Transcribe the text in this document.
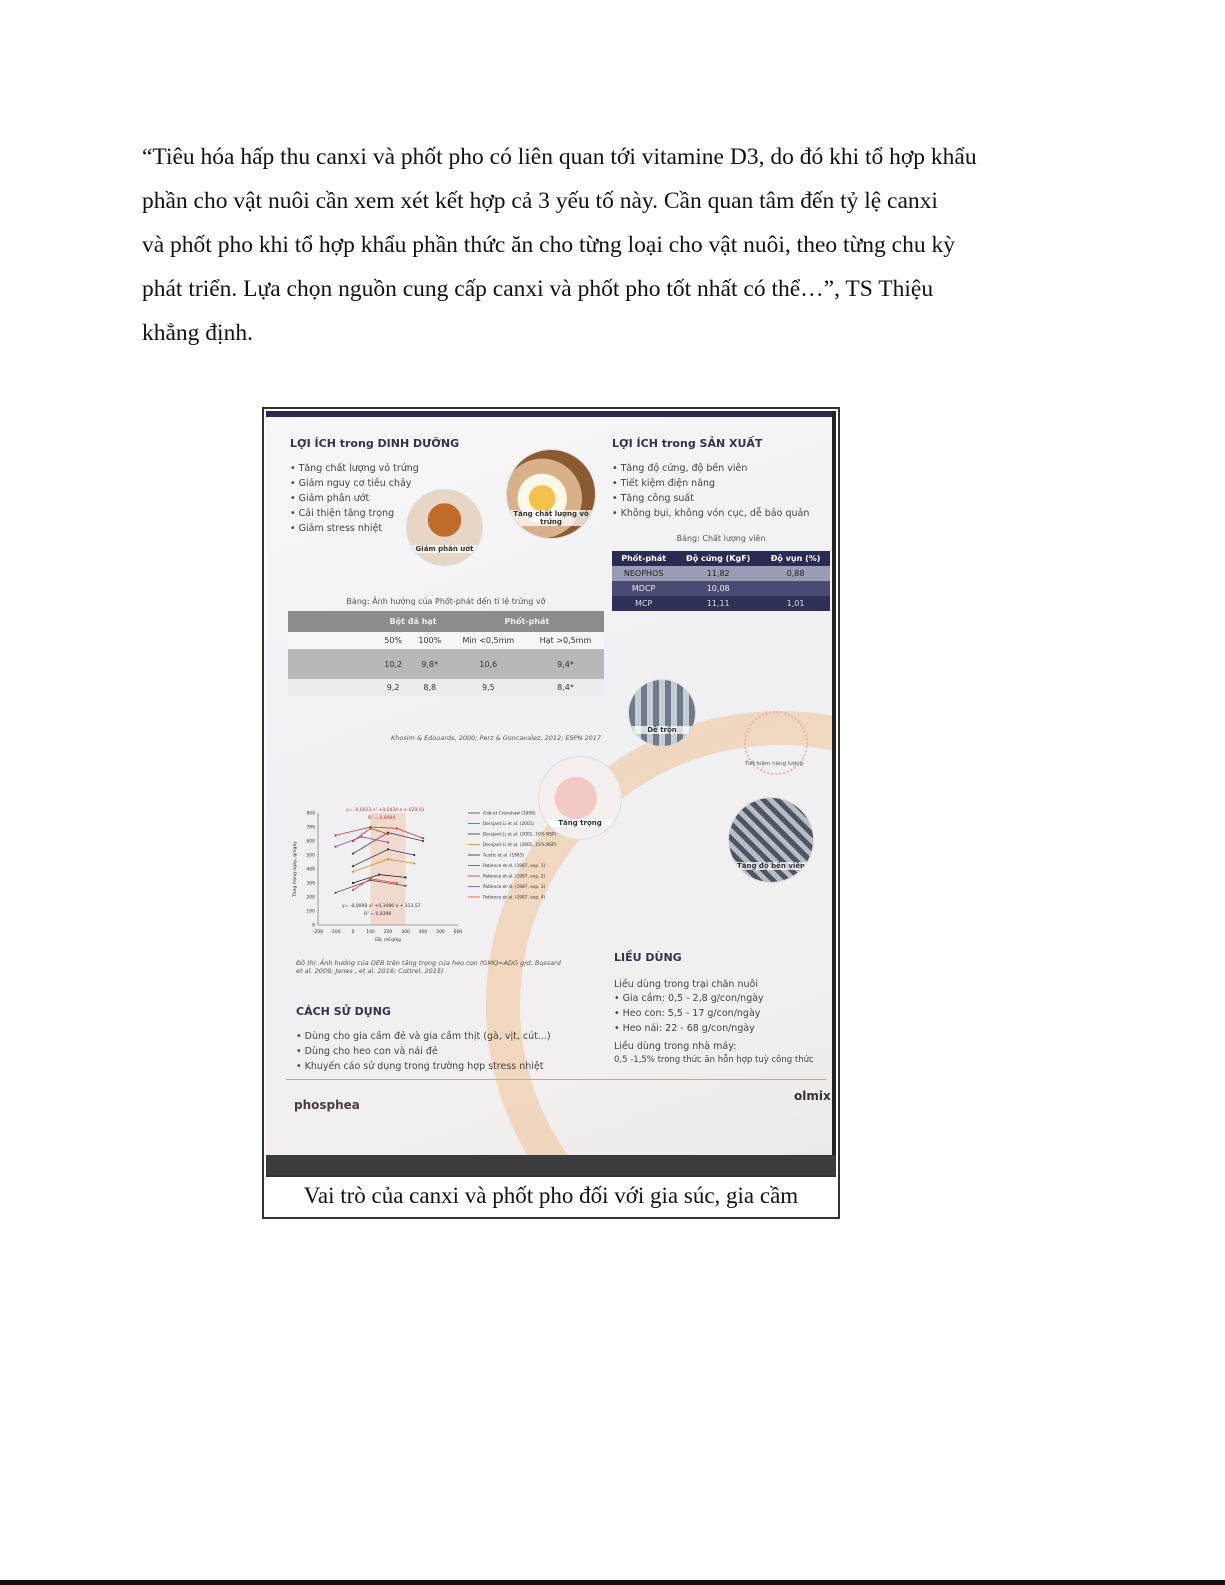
“Tiêu hóa hấp thu canxi và phốt pho có liên quan tới vitamine D3, do đó khi tổ hợp khẩu
phần cho vật nuôi cần xem xét kết hợp cả 3 yếu tố này. Cần quan tâm đến tỷ lệ canxi
và phốt pho khi tổ hợp khẩu phần thức ăn cho từng loại cho vật nuôi, theo từng chu kỳ
phát triển. Lựa chọn nguồn cung cấp canxi và phốt pho tốt nhất có thể…”, TS Thiệu
khẳng định.

LỢI ÍCH trong DINH DƯỠNG

• Tăng chất lượng vỏ trứng
• Giảm nguy cơ tiêu chảy
• Giảm phân ướt
• Cải thiện tăng trọng
• Giảm stress nhiệt
Giảm phân ướt
Tăng chất lượng vỏ trứng

LỢI ÍCH trong SẢN XUẤT

• Tăng độ cứng, độ bền viên
• Tiết kiệm điện năng
• Tăng công suất
• Không bụi, không vón cục, dễ bảo quản
Bảng: Chất lượng viên
Phốt-phát	Độ cứng (KgF)	Độ vụn (%)
NEOPHOS	11,82	0,88
MDCP	10,08	
MCP	11,11	1,01
Bảng: Ảnh hưởng của Phốt-phát đến tỉ lệ trứng vỡ
	Bột đá hạt		Phốt-phát	
	50%	100%	Min <0,5mm	Hạt >0,5mm
	10,2	9,8*	10,6	9,4*
	9,2	8,8	9,5	8,4*
Khosim & Edouards, 2000; Perz & Goncavalez, 2012; ESPN 2017
Dễ trộn
Tiết kiệm năng lượng
Tăng trọng
Tăng độ bền viên
-200 -100 0	100 200 300 400 500 600
0
100
200
300
400
500
600
700
800
EB, mEq/kg
Tăng trọng ngày, g/ngày
y= -0,0013 x² +0,5434 x + 629,01
R² = 0,8994
y= -0,0008 x² +0,3486 x + 313,57
R² = 0,8396
Gob et Crenshaw (1990)
Dersjant Li et al. (2001)
Dersjant Li et al. (2001, 10% NSP)
Dersjant Li et al. (2001, 15% NSP)
Austic et al. (1983)
Patience et al. (1987, exp. 1)
Patience et al. (1987, exp. 2)
Patience et al. (1987, exp. 3)
Patience et al. (1987, exp. 4)
Đồ thị: Ảnh hưởng của DEB trên tăng trọng của heo con (GMQ=ADG g/d; Bossard et al. 2009; Jones , et al. 2016; Cottrel, 2015)

CÁCH SỬ DỤNG

• Dùng cho gia cầm đẻ và gia cầm thịt (gà, vịt, cút...)
• Dùng cho heo con và nái đẻ
• Khuyến cáo sử dụng trong trường hợp stress nhiệt

LIỀU DÙNG

Liều dùng trong trại chăn nuôi
• Gia cầm: 0,5 - 2,8 g/con/ngày
• Heo con: 5,5 - 17 g/con/ngày
• Heo nái: 22 - 68 g/con/ngày
Liều dùng trong nhà máy:
0,5 -1,5% trong thức ăn hỗn hợp tuỳ công thức
phosphea
olmix
Vai trò của canxi và phốt pho đối với gia súc, gia cầm
